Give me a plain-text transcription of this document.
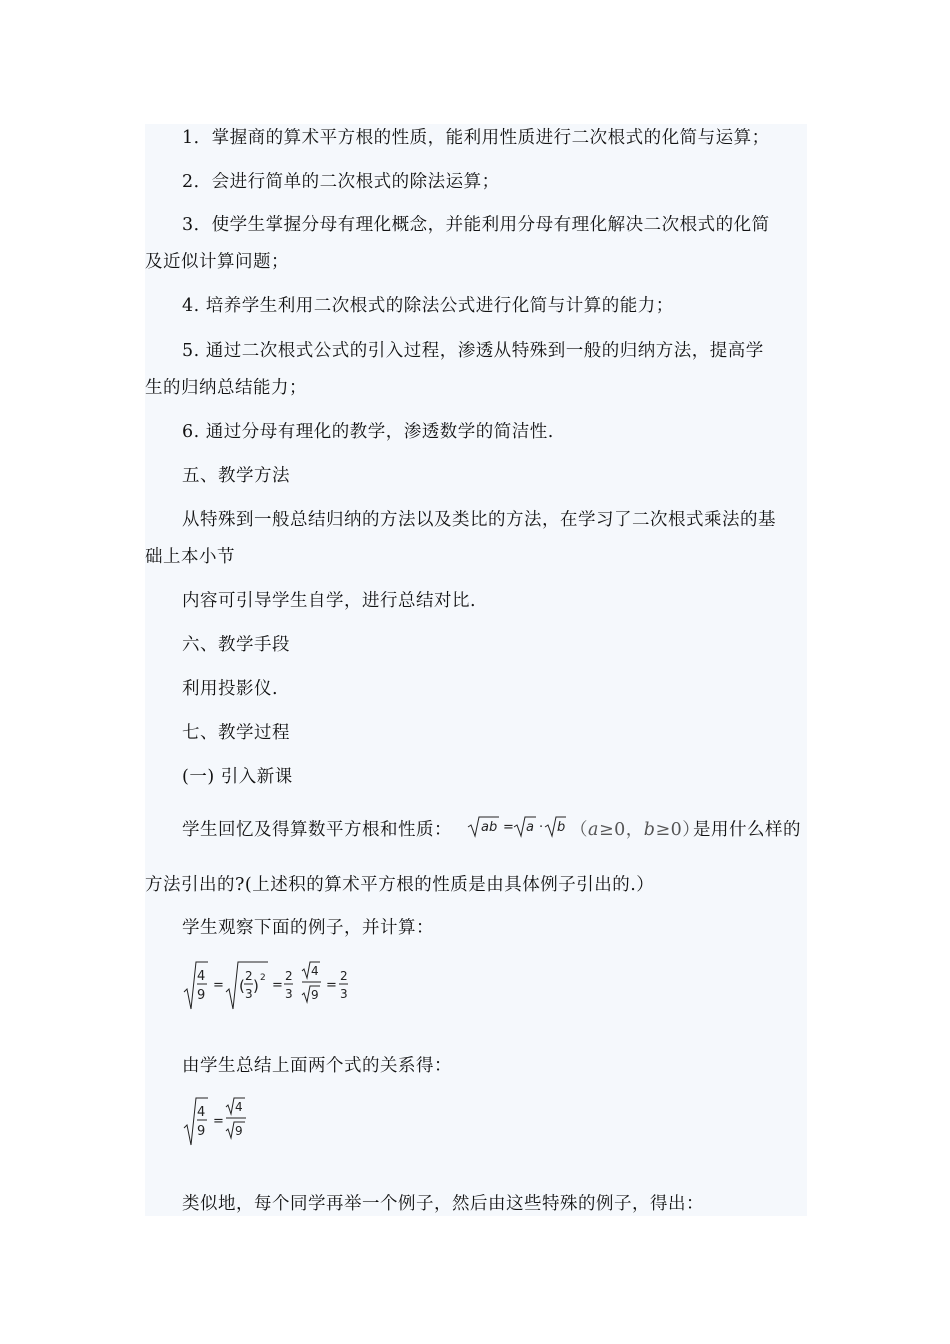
1．掌握商的算术平方根的性质，能利用性质进行二次根式的化简与运算；
2．会进行简单的二次根式的除法运算；
3．使学生掌握分母有理化概念，并能利用分母有理化解决二次根式的化简
及近似计算问题；
4. 培养学生利用二次根式的除法公式进行化简与计算的能力；
5. 通过二次根式公式的引入过程，渗透从特殊到一般的归纳方法，提高学
生的归纳总结能力；
6. 通过分母有理化的教学，渗透数学的简洁性.
五、教学方法
从特殊到一般总结归纳的方法以及类比的方法，在学习了二次根式乘法的基
础上本小节
内容可引导学生自学，进行总结对比.
六、教学手段
利用投影仪.
七、教学过程
(一) 引入新课
学生回忆及得算数平方根和性质： ab = a · b （a≥0，b≥0）
是用什么样的
方法引出的?(上述积的算术平方根的性质是由具体例子引出的.）
学生观察下面的例子，并计算：
4
9
= (
2
3 ) 2 =
2
3
4
9
=
2
3
由学生总结上面两个式的关系得：
4
9
=
4
9
类似地，每个同学再举一个例子，然后由这些特殊的例子，得出：
